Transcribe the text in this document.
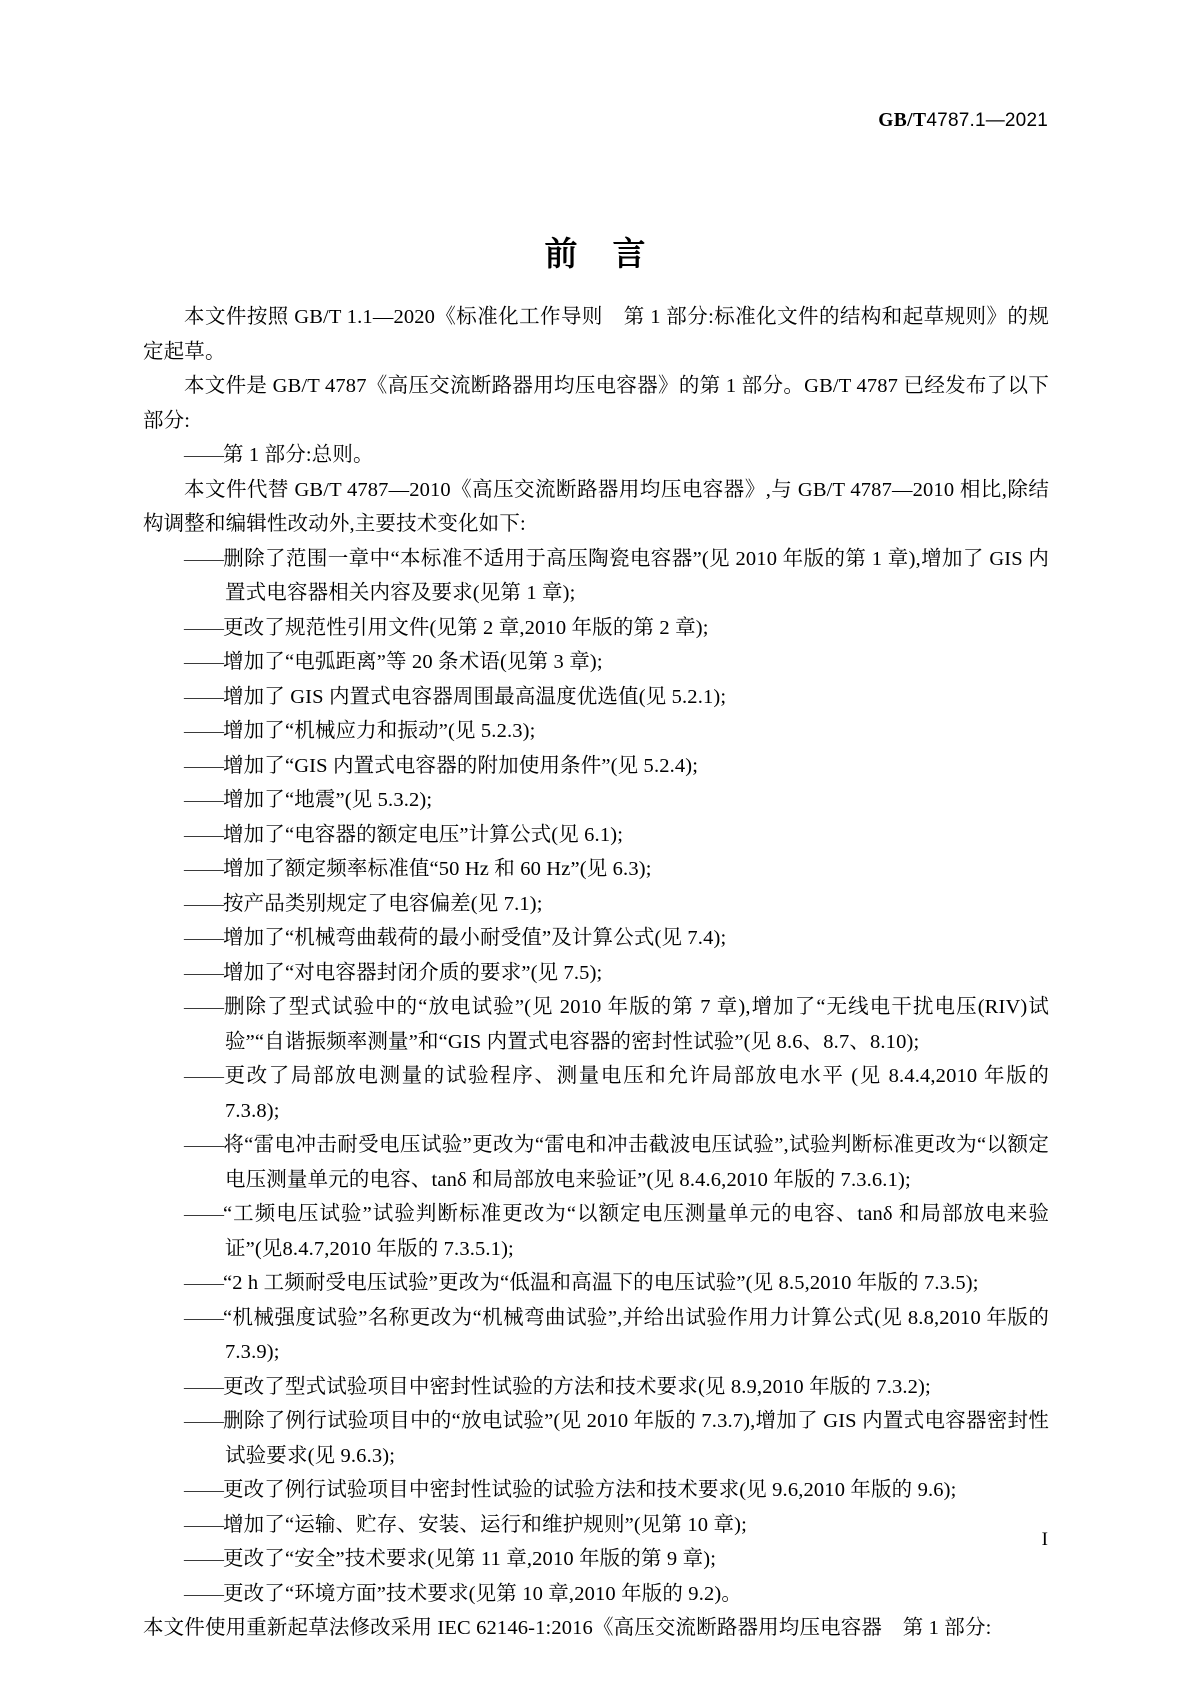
GB/T4787.1—2021
前 言

本文件按照 GB/T 1.1—2020《标准化工作导则　第 1 部分:标准化文件的结构和起草规则》的规定起草。

本文件是 GB/T 4787《高压交流断路器用均压电容器》的第 1 部分。GB/T 4787 已经发布了以下部分:

——第 1 部分:总则。

本文件代替 GB/T 4787—2010《高压交流断路器用均压电容器》,与 GB/T 4787—2010 相比,除结构调整和编辑性改动外,主要技术变化如下:

——删除了范围一章中“本标准不适用于高压陶瓷电容器”(见 2010 年版的第 1 章),增加了 GIS 内置式电容器相关内容及要求(见第 1 章);
——更改了规范性引用文件(见第 2 章,2010 年版的第 2 章);
——增加了“电弧距离”等 20 条术语(见第 3 章);
——增加了 GIS 内置式电容器周围最高温度优选值(见 5.2.1);
——增加了“机械应力和振动”(见 5.2.3);
——增加了“GIS 内置式电容器的附加使用条件”(见 5.2.4);
——增加了“地震”(见 5.3.2);
——增加了“电容器的额定电压”计算公式(见 6.1);
——增加了额定频率标准值“50 Hz 和 60 Hz”(见 6.3);
——按产品类别规定了电容偏差(见 7.1);
——增加了“机械弯曲载荷的最小耐受值”及计算公式(见 7.4);
——增加了“对电容器封闭介质的要求”(见 7.5);
——删除了型式试验中的“放电试验”(见 2010 年版的第 7 章),增加了“无线电干扰电压(RIV)试验”“自谐振频率测量”和“GIS 内置式电容器的密封性试验”(见 8.6、8.7、8.10);
——更改了局部放电测量的试验程序、测量电压和允许局部放电水平 (见 8.4.4,2010 年版的 7.3.8);
——将“雷电冲击耐受电压试验”更改为“雷电和冲击截波电压试验”,试验判断标准更改为“以额定电压测量单元的电容、tanδ 和局部放电来验证”(见 8.4.6,2010 年版的 7.3.6.1);
——“工频电压试验”试验判断标准更改为“以额定电压测量单元的电容、tanδ 和局部放电来验证”(见8.4.7,2010 年版的 7.3.5.1);
——“2 h 工频耐受电压试验”更改为“低温和高温下的电压试验”(见 8.5,2010 年版的 7.3.5);
——“机械强度试验”名称更改为“机械弯曲试验”,并给出试验作用力计算公式(见 8.8,2010 年版的 7.3.9);
——更改了型式试验项目中密封性试验的方法和技术要求(见 8.9,2010 年版的 7.3.2);
——删除了例行试验项目中的“放电试验”(见 2010 年版的 7.3.7),增加了 GIS 内置式电容器密封性试验要求(见 9.6.3);
——更改了例行试验项目中密封性试验的试验方法和技术要求(见 9.6,2010 年版的 9.6);
——增加了“运输、贮存、安装、运行和维护规则”(见第 10 章);
——更改了“安全”技术要求(见第 11 章,2010 年版的第 9 章);
——更改了“环境方面”技术要求(见第 10 章,2010 年版的 9.2)。

本文件使用重新起草法修改采用 IEC 62146-1:2016《高压交流断路器用均压电容器　第 1 部分:

I
